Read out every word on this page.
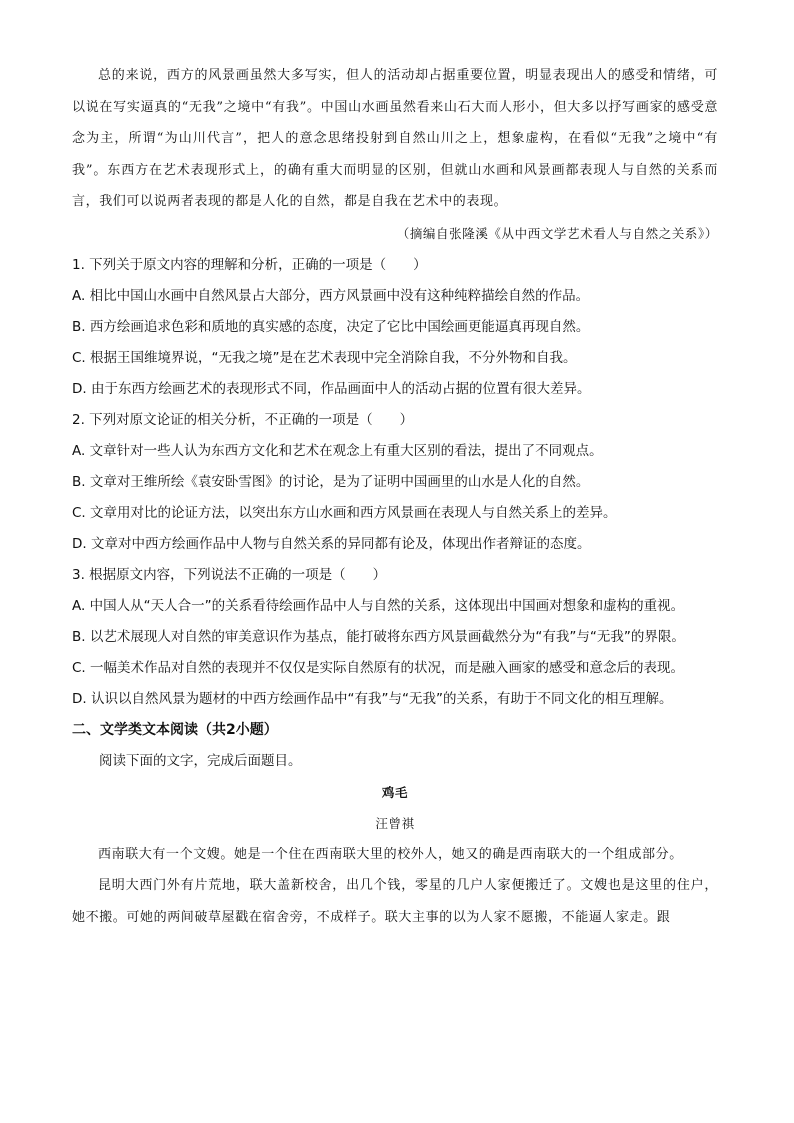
总的来说，西方的风景画虽然大多写实，但人的活动却占据重要位置，明显表现出人的感受和情绪，可以说在写实逼真的“无我”之境中“有我”。中国山水画虽然看来山石大而人形小，但大多以抒写画家的感受意念为主，所谓“为山川代言”，把人的意念思绪投射到自然山川之上，想象虚构，在看似“无我”之境中“有我”。东西方在艺术表现形式上，的确有重大而明显的区别，但就山水画和风景画都表现人与自然的关系而言，我们可以说两者表现的都是人化的自然，都是自我在艺术中的表现。

（摘编自张隆溪《从中西文学艺术看人与自然之关系》）

1. 下列关于原文内容的理解和分析，正确的一项是（　　）

A. 相比中国山水画中自然风景占大部分，西方风景画中没有这种纯粹描绘自然的作品。

B. 西方绘画追求色彩和质地的真实感的态度，决定了它比中国绘画更能逼真再现自然。

C. 根据王国维境界说，“无我之境”是在艺术表现中完全消除自我，不分外物和自我。

D. 由于东西方绘画艺术的表现形式不同，作品画面中人的活动占据的位置有很大差异。

2. 下列对原文论证的相关分析，不正确的一项是（　　）

A. 文章针对一些人认为东西方文化和艺术在观念上有重大区别的看法，提出了不同观点。

B. 文章对王维所绘《袁安卧雪图》的讨论，是为了证明中国画里的山水是人化的自然。

C. 文章用对比的论证方法，以突出东方山水画和西方风景画在表现人与自然关系上的差异。

D. 文章对中西方绘画作品中人物与自然关系的异同都有论及，体现出作者辩证的态度。

3. 根据原文内容，下列说法不正确的一项是（　　）

A. 中国人从“天人合一”的关系看待绘画作品中人与自然的关系，这体现出中国画对想象和虚构的重视。

B. 以艺术展现人对自然的审美意识作为基点，能打破将东西方风景画截然分为“有我”与“无我”的界限。

C. 一幅美术作品对自然的表现并不仅仅是实际自然原有的状况，而是融入画家的感受和意念后的表现。

D. 认识以自然风景为题材的中西方绘画作品中“有我”与“无我”的关系，有助于不同文化的相互理解。

二、文学类文本阅读（共2小题）

阅读下面的文字，完成后面题目。

鸡毛

汪曾祺

西南联大有一个文嫂。她是一个住在西南联大里的校外人，她又的确是西南联大的一个组成部分。

昆明大西门外有片荒地，联大盖新校舍，出几个钱，零星的几户人家便搬迁了。文嫂也是这里的住户，她不搬。可她的两间破草屋戳在宿舍旁，不成样子。联大主事的以为人家不愿搬，不能逼人家走。跟
